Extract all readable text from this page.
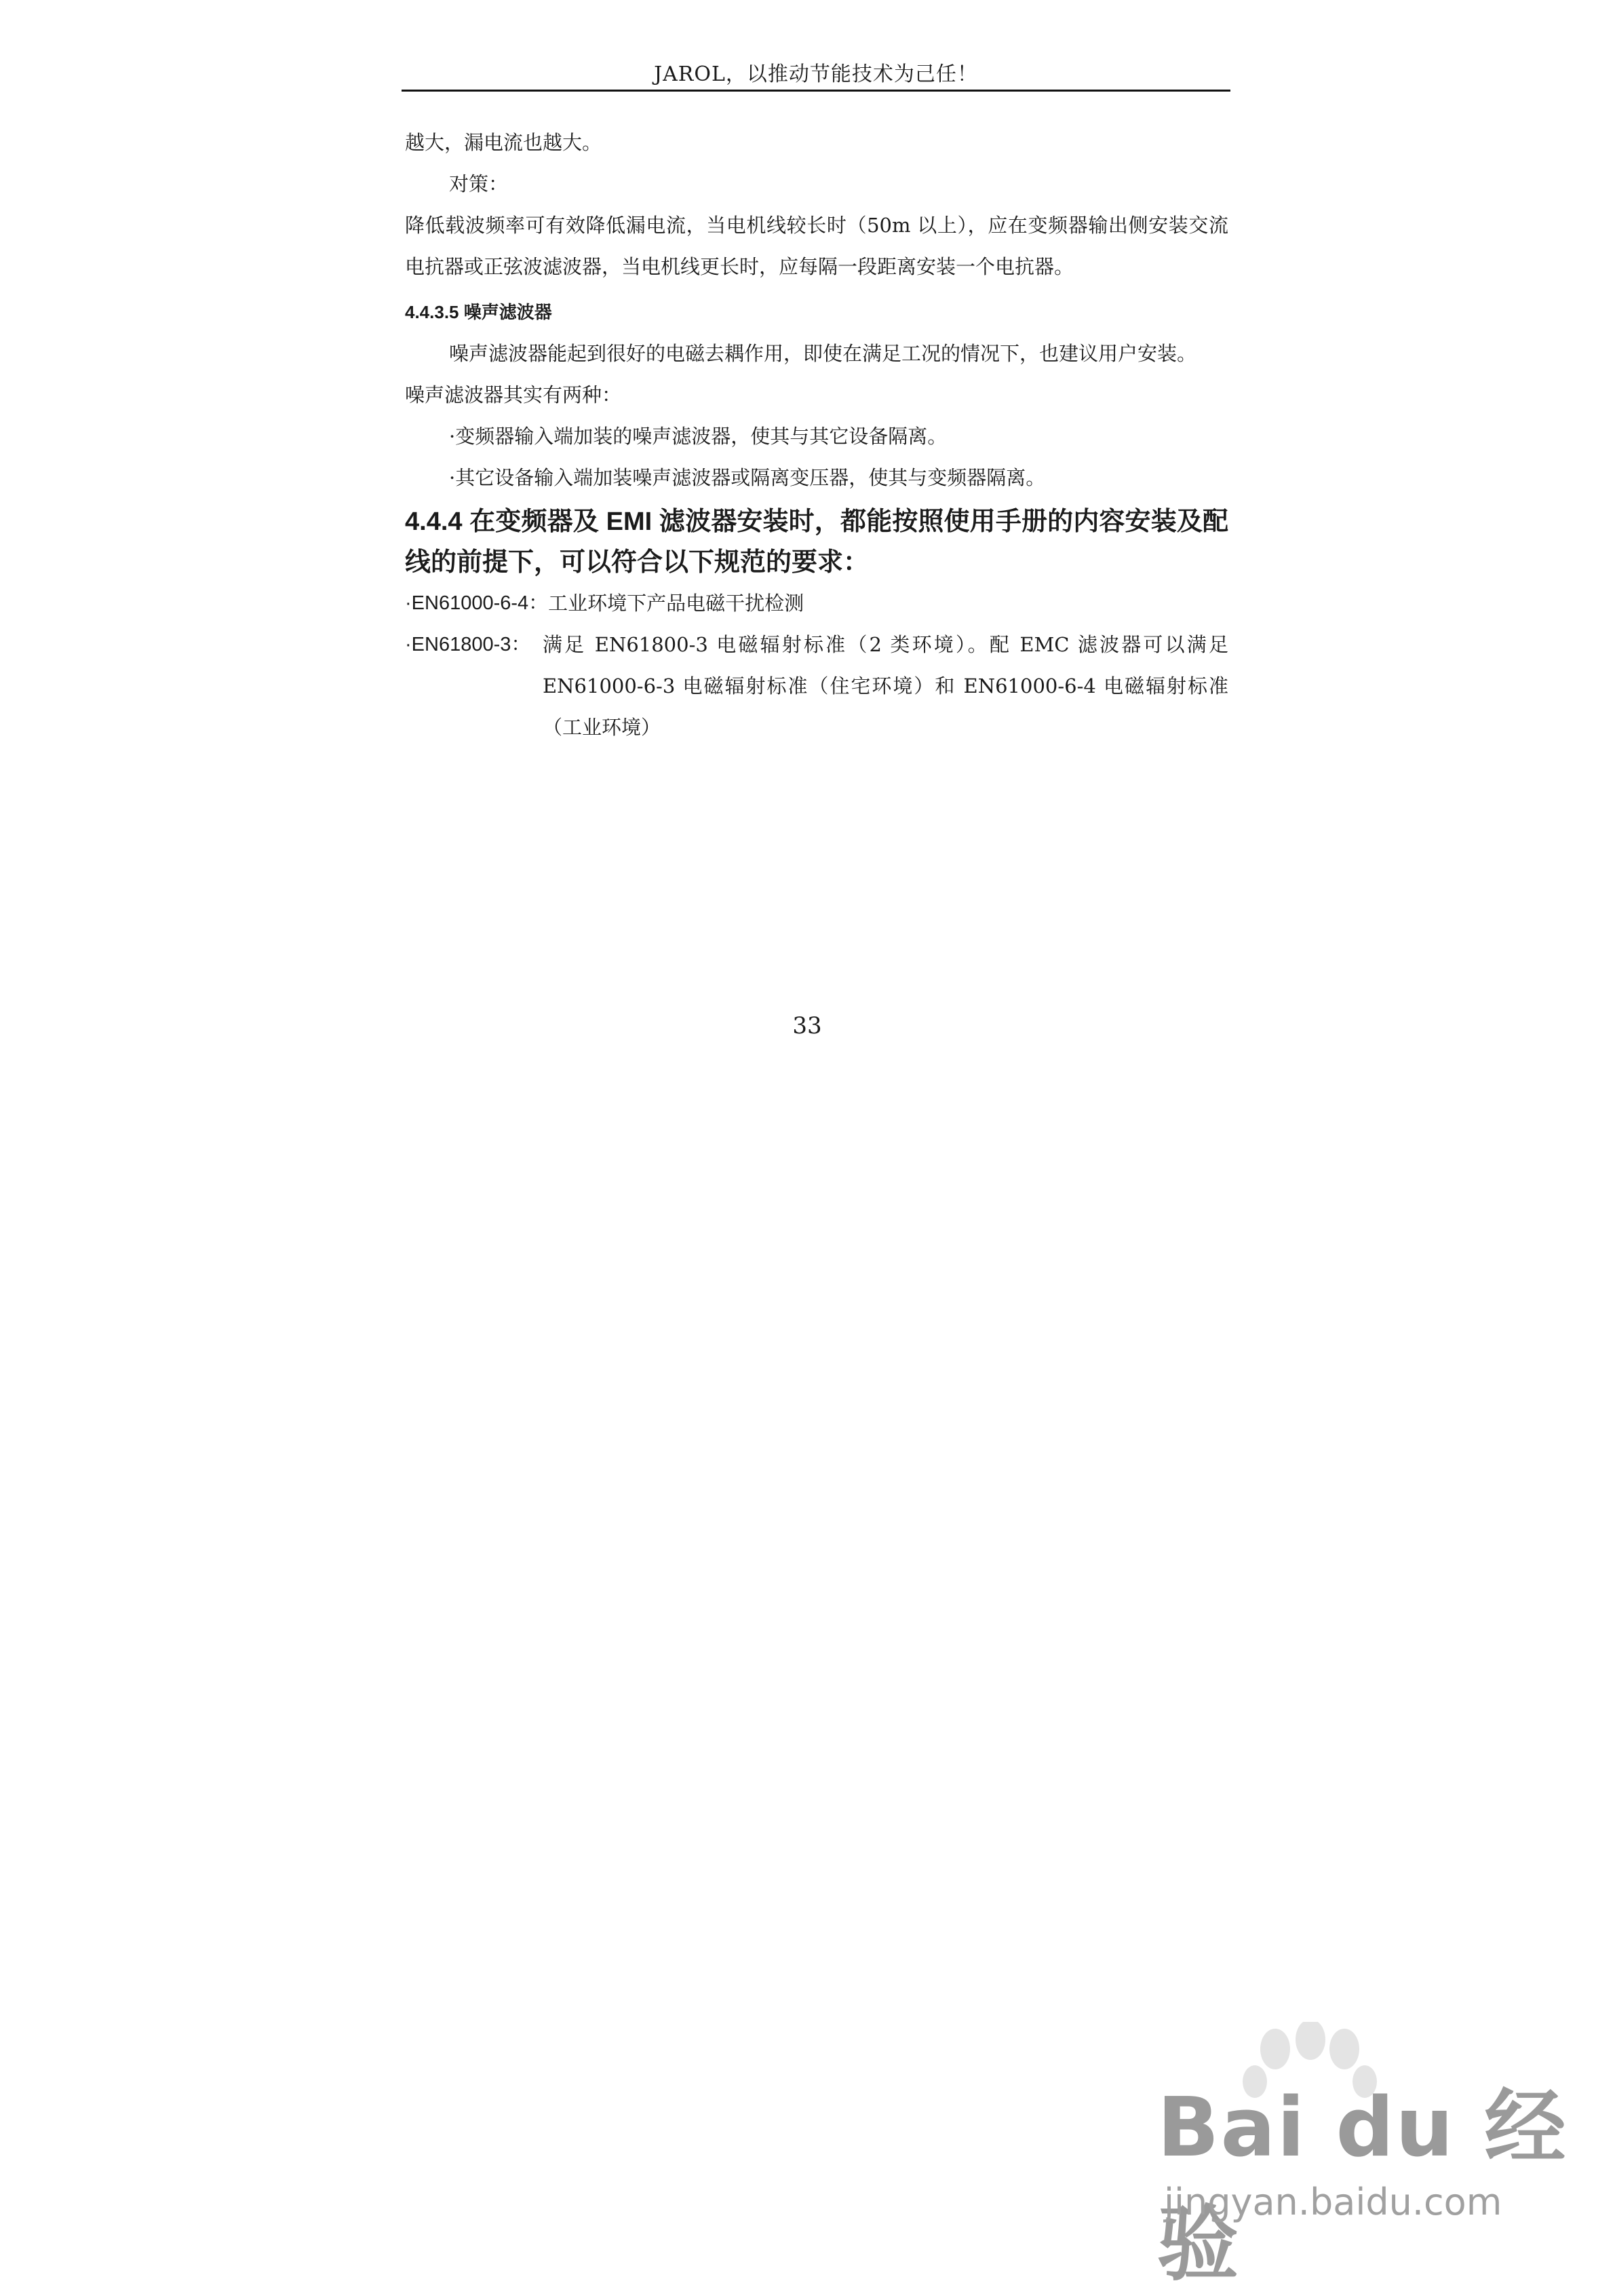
JAROL，以推动节能技术为己任！

越大，漏电流也越大。

对策：

降低载波频率可有效降低漏电流，当电机线较长时（50m 以上），应在变频器输出侧安装交流电抗器或正弦波滤波器，当电机线更长时，应每隔一段距离安装一个电抗器。

4.4.3.5 噪声滤波器

噪声滤波器能起到很好的电磁去耦作用，即使在满足工况的情况下，也建议用户安装。

噪声滤波器其实有两种：

·变频器输入端加装的噪声滤波器，使其与其它设备隔离。

·其它设备输入端加装噪声滤波器或隔离变压器，使其与变频器隔离。

4.4.4 在变频器及 EMI 滤波器安装时，都能按照使用手册的内容安装及配线的前提下，可以符合以下规范的要求：

·EN61000-6-4： 工业环境下产品电磁干扰检测
·EN61800-3： 满足 EN61800-3 电磁辐射标准（2 类环境）。配 EMC 滤波器可以满足 EN61000-6-3 电磁辐射标准（住宅环境）和 EN61000-6-4 电磁辐射标准（工业环境）
33
Bai du 经验
jingyan.baidu.com
